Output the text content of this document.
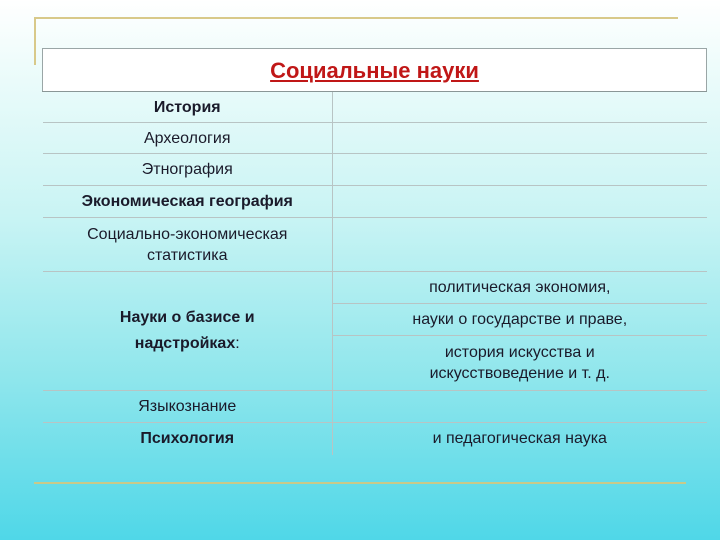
Социальные науки	
История	
Археология	
Этнография	
Экономическая география	
Социально-экономическая
статистика	
Науки о базисе и
надстройках:	политическая экономия,
	науки о государстве и праве,
	история искусства и
искусствоведение и т. д.
Языкознание	
Психология	и педагогическая наука
